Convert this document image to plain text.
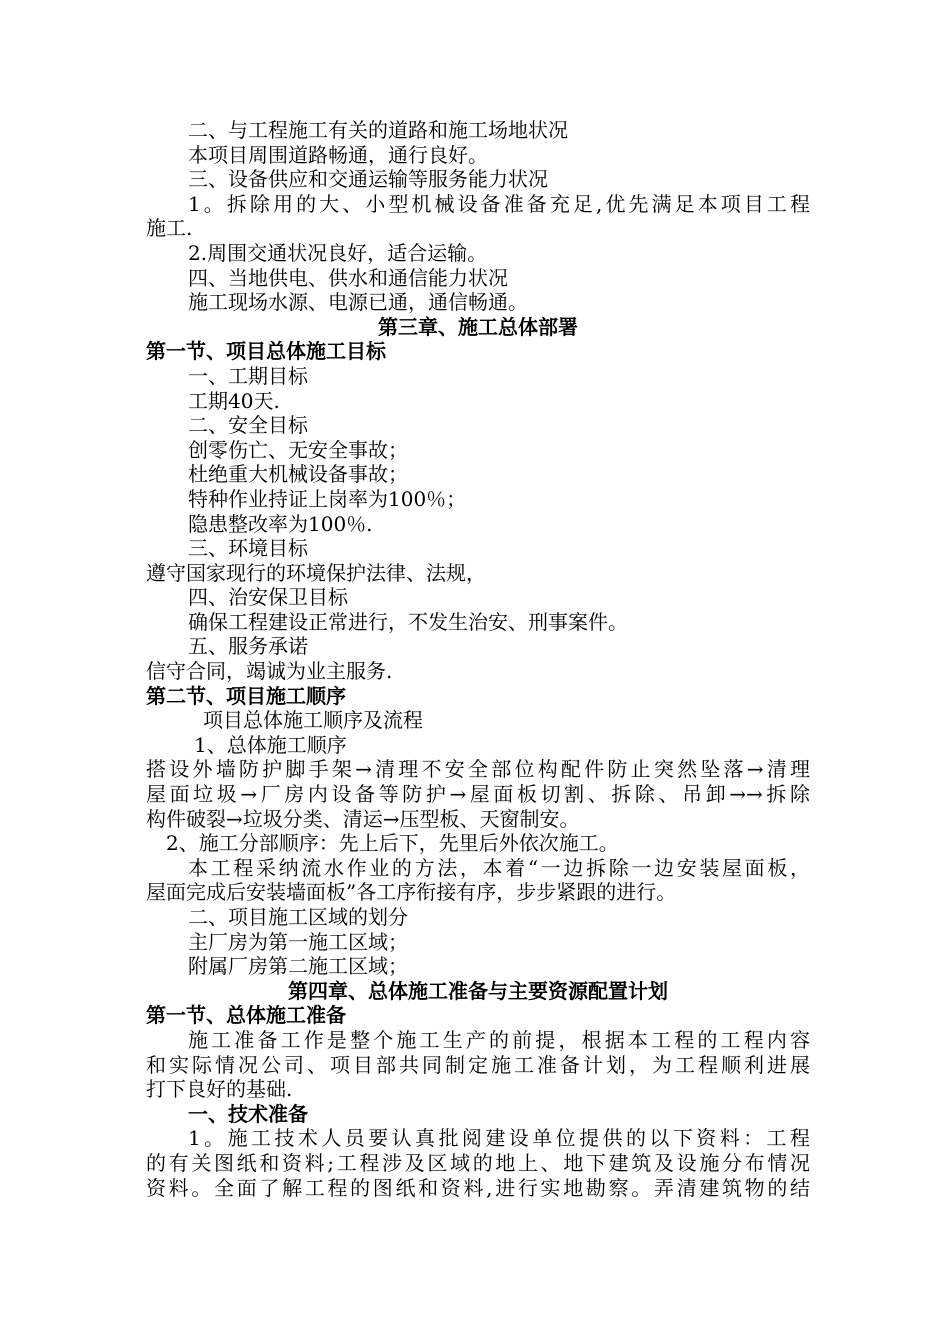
二、与工程施工有关的道路和施工场地状况
本项目周围道路畅通，通行良好。
三、设备供应和交通运输等服务能力状况
1。拆除用的大、小型机械设备准备充足,优先满足本项目工程
施工.
2.周围交通状况良好，适合运输。
四、当地供电、供水和通信能力状况
施工现场水源、电源已通，通信畅通。
第三章、施工总体部署
第一节、项目总体施工目标
一、工期目标
工期40天.
二、安全目标
创零伤亡、无安全事故；
杜绝重大机械设备事故；
特种作业持证上岗率为100％；
隐患整改率为100％.
三、环境目标
遵守国家现行的环境保护法律、法规，
四、治安保卫目标
确保工程建设正常进行，不发生治安、刑事案件。
五、服务承诺
信守合同，竭诚为业主服务.
第二节、项目施工顺序
项目总体施工顺序及流程
1、总体施工顺序
搭设外墙防护脚手架→清理不安全部位构配件防止突然坠落→清理
屋面垃圾→厂房内设备等防护→屋面板切割、拆除、吊卸→→拆除
构件破裂→垃圾分类、清运→压型板、天窗制安。
2、施工分部顺序：先上后下，先里后外依次施工。
本工程采纳流水作业的方法，本着“一边拆除一边安装屋面板，
屋面完成后安装墙面板”各工序衔接有序，步步紧跟的进行。
二、项目施工区域的划分
主厂房为第一施工区域；
附属厂房第二施工区域；
第四章、总体施工准备与主要资源配置计划
第一节、总体施工准备
施工准备工作是整个施工生产的前提，根据本工程的工程内容
和实际情况公司、项目部共同制定施工准备计划，为工程顺利进展
打下良好的基础.
一、技术准备
1。施工技术人员要认真批阅建设单位提供的以下资料：工程
的有关图纸和资料;工程涉及区域的地上、地下建筑及设施分布情况
资料。全面了解工程的图纸和资料,进行实地勘察。弄清建筑物的结
